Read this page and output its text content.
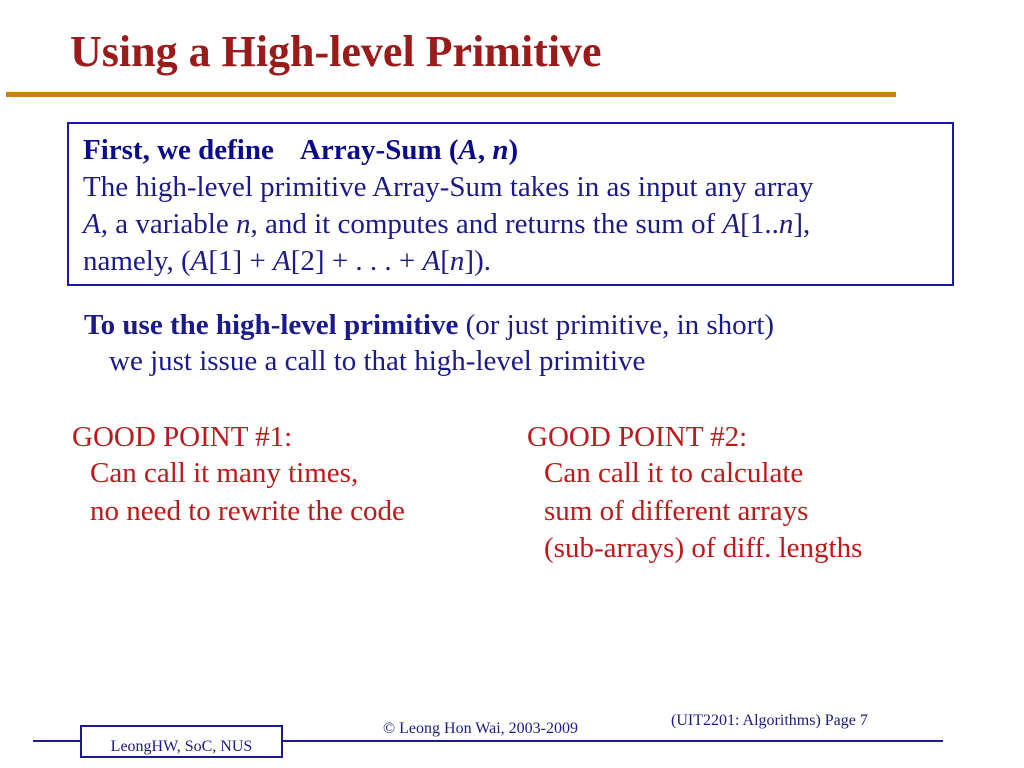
Using a High-level Primitive
First, we define Array-Sum (A, n)
The high-level primitive Array-Sum takes in as input any array
A, a variable n, and it computes and returns the sum of A[1..n],
namely, (A[1] + A[2] + . . . + A[n]).
To use the high-level primitive (or just primitive, in short)
we just issue a call to that high-level primitive
GOOD POINT #1:
Can call it many times,
no need to rewrite the code
GOOD POINT #2:
Can call it to calculate
sum of different arrays
(sub-arrays) of diff. lengths
LeongHW, SoC, NUS
© Leong Hon Wai, 2003-2009	(UIT2201: Algorithms) Page 7
